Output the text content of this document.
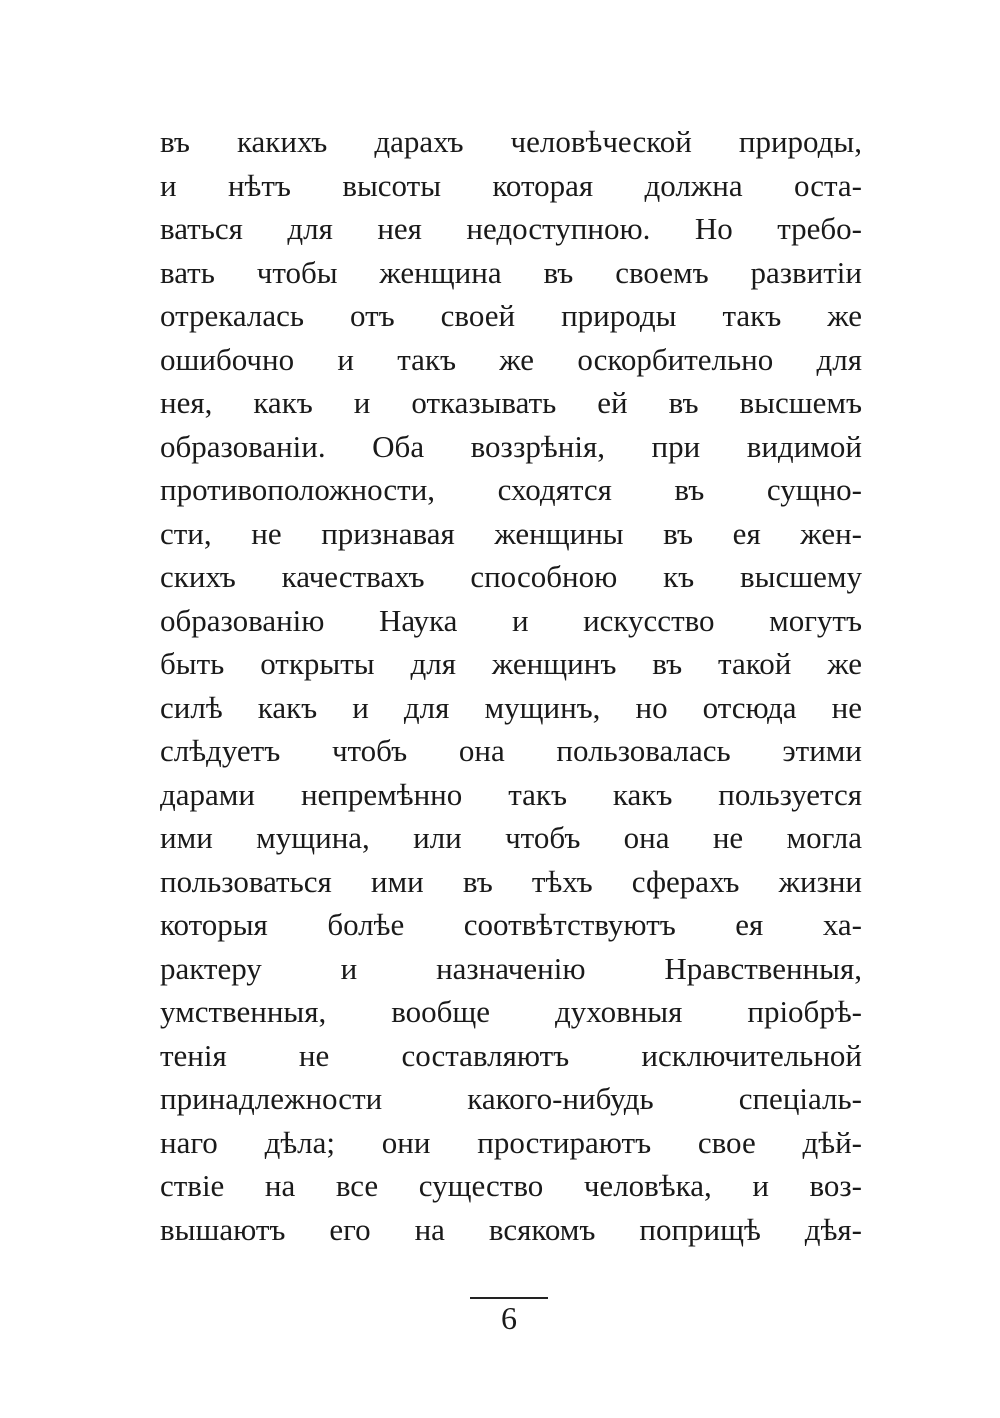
въ какихъ дарахъ человѣческой природы,
и нѣтъ высоты которая должна оста-
ваться для нея недоступною. Но требо-
вать чтобы женщина въ своемъ развитіи
отрекалась отъ своей природы такъ же
ошибочно и такъ же оскорбительно для
нея, какъ и отказывать ей въ высшемъ
образованіи. Оба воззрѣнія, при видимой
противоположности, сходятся въ сущно-
сти, не признавая женщины въ ея жен-
скихъ качествахъ способною къ высшему
образованію Наука и искусство могутъ
быть открыты для женщинъ въ такой же
силѣ какъ и для мущинъ, но отсюда не
слѣдуетъ чтобъ она пользовалась этими
дарами непремѣнно такъ какъ пользуется
ими мущина, или чтобъ она не могла
пользоваться ими въ тѣхъ сферахъ жизни
которыя болѣе соотвѣтствуютъ ея ха-
рактеру и назначенію Нравственныя,
умственныя, вообще духовныя пріобрѣ-
тенія не составляютъ исключительной
принадлежности какого-нибудь спеціаль-
наго дѣла; они простираютъ свое дѣй-
ствіе на все существо человѣка, и воз-
вышаютъ его на всякомъ поприщѣ дѣя-
6
